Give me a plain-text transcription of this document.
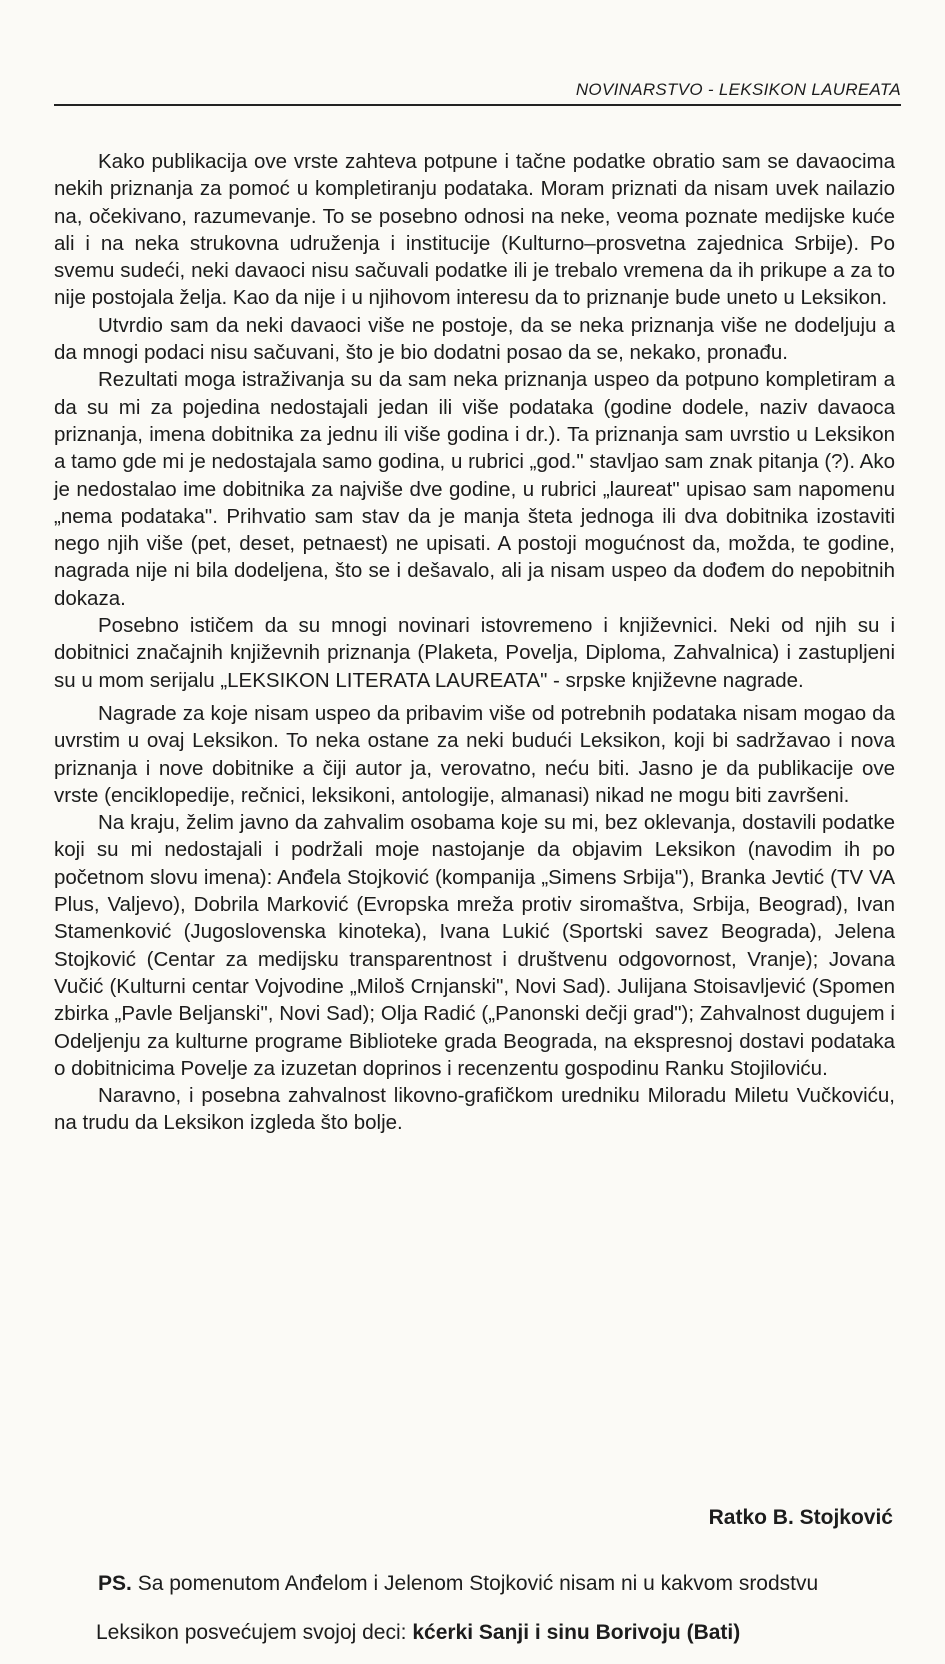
NOVINARSTVO - LEKSIKON LAUREATA

Kako publikacija ove vrste zahteva potpune i tačne podatke obratio sam se davaocima nekih priznanja za pomoć u kompletiranju podataka. Moram priznati da nisam uvek nailazio na, očekivano, razumevanje. To se posebno odnosi na neke, veoma poznate medijske kuće ali i na neka strukovna udruženja i institucije (Kulturno–prosvetna zajednica Srbije). Po svemu sudeći, neki davaoci nisu sačuvali podatke ili je trebalo vremena da ih prikupe a za to nije postojala želja. Kao da nije i u njihovom interesu da to priznanje bude uneto u Leksikon.

Utvrdio sam da neki davaoci više ne postoje, da se neka priznanja više ne dodeljuju a da mnogi podaci nisu sačuvani, što je bio dodatni posao da se, nekako, pronađu.

Rezultati moga istraživanja su da sam neka priznanja uspeo da potpuno kompletiram a da su mi za pojedina nedostajali jedan ili više podataka (godine dodele, naziv davaoca priznanja, imena dobitnika za jednu ili više godina i dr.). Ta priznanja sam uvrstio u Leksikon a tamo gde mi je nedostajala samo godina, u rubrici „god." stavljao sam znak pitanja (?). Ako je nedostalao ime dobitnika za najviše dve godine, u rubrici „laureat" upisao sam napomenu „nema podataka". Prihvatio sam stav da je manja šteta jednoga ili dva dobitnika izostaviti nego njih više (pet, deset, petnaest) ne upisati. A postoji mogućnost da, možda, te godine, nagrada nije ni bila dodeljena, što se i dešavalo, ali ja nisam uspeo da dođem do nepobitnih dokaza.

Posebno ističem da su mnogi novinari istovremeno i književnici. Neki od njih su i dobitnici značajnih književnih priznanja (Plaketa, Povelja, Diploma, Zahvalnica) i zastupljeni su u mom serijalu „LEKSIKON LITERATA LAUREATA" - srpske književne nagrade.

Nagrade za koje nisam uspeo da pribavim više od potrebnih podataka nisam mogao da uvrstim u ovaj Leksikon. To neka ostane za neki budući Leksikon, koji bi sadržavao i nova priznanja i nove dobitnike a čiji autor ja, verovatno, neću biti. Jasno je da publikacije ove vrste (enciklopedije, rečnici, leksikoni, antologije, almanasi) nikad ne mogu biti završeni.

Na kraju, želim javno da zahvalim osobama koje su mi, bez oklevanja, dostavili podatke koji su mi nedostajali i podržali moje nastojanje da objavim Leksikon (navodim ih po početnom slovu imena): Anđela Stojković (kompanija „Simens Srbija"), Branka Jevtić (TV VA Plus, Valjevo), Dobrila Marković (Evropska mreža protiv siromaštva, Srbija, Beograd), Ivan Stamenković (Jugoslovenska kinoteka), Ivana Lukić (Sportski savez Beograda), Jelena Stojković (Centar za medijsku transparentnost i društvenu odgovornost, Vranje); Jovana Vučić (Kulturni centar Vojvodine „Miloš Crnjanski", Novi Sad). Julijana Stoisavljević (Spomen zbirka „Pavle Beljanski", Novi Sad); Olja Radić („Panonski dečji grad"); Zahvalnost dugujem i Odeljenju za kulturne programe Biblioteke grada Beograda, na ekspresnoj dostavi podataka o dobitnicima Povelje za izuzetan doprinos i recenzentu gospodinu Ranku Stojiloviću.

Naravno, i posebna zahvalnost likovno-grafičkom uredniku Miloradu Miletu Vučkoviću, na trudu da Leksikon izgleda što bolje.

Ratko B. Stojković
PS. Sa pomenutom Anđelom i Jelenom Stojković nisam ni u kakvom srodstvu
Leksikon posvećujem svojoj deci: kćerki Sanji i sinu Borivoju (Bati)
